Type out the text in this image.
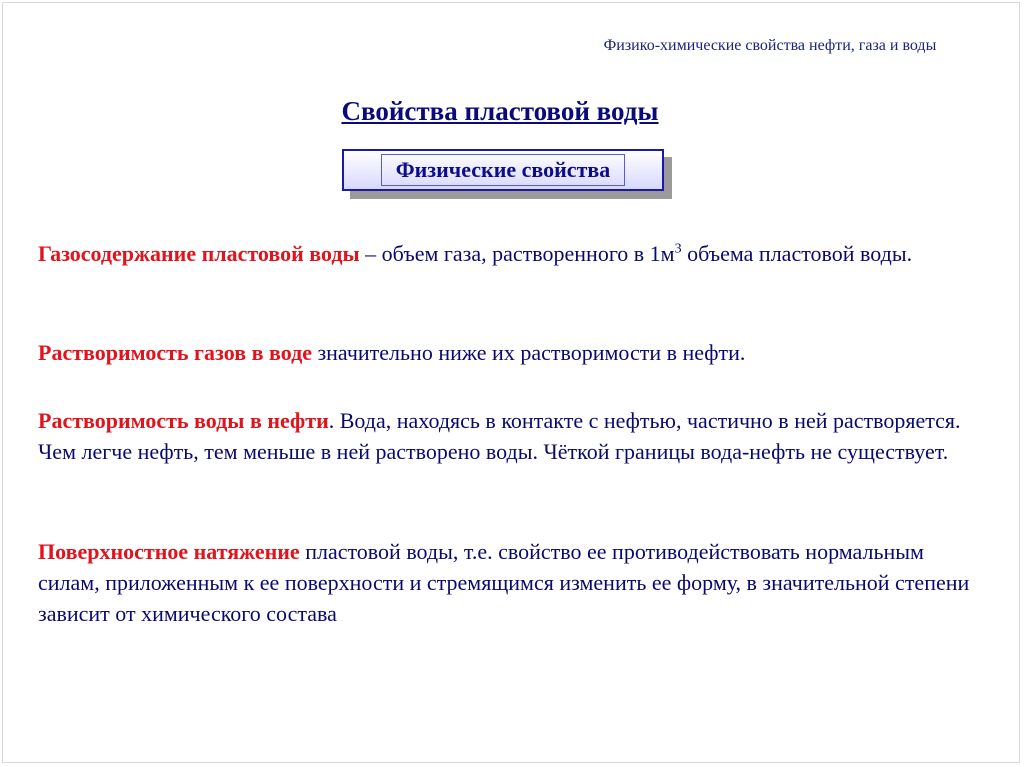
Физико-химические свойства нефти, газа и воды
Свойства пластовой воды
Физические свойства
Газосодержание пластовой воды – объем газа, растворенного в $1м^3$ объема пластовой воды.
Растворимость газов в воде значительно ниже их растворимости в нефти.
Растворимость воды в нефти. Вода, находясь в контакте с нефтью, частично в ней растворяется. Чем легче нефть, тем меньше в ней растворено воды. Чёткой границы вода-нефть не существует.
Поверхностное натяжение пластовой воды, т.е. свойство ее противодействовать нормальным силам, приложенным к ее поверхности и стремящимся изменить ее форму, в значительной степени зависит от химического состава
